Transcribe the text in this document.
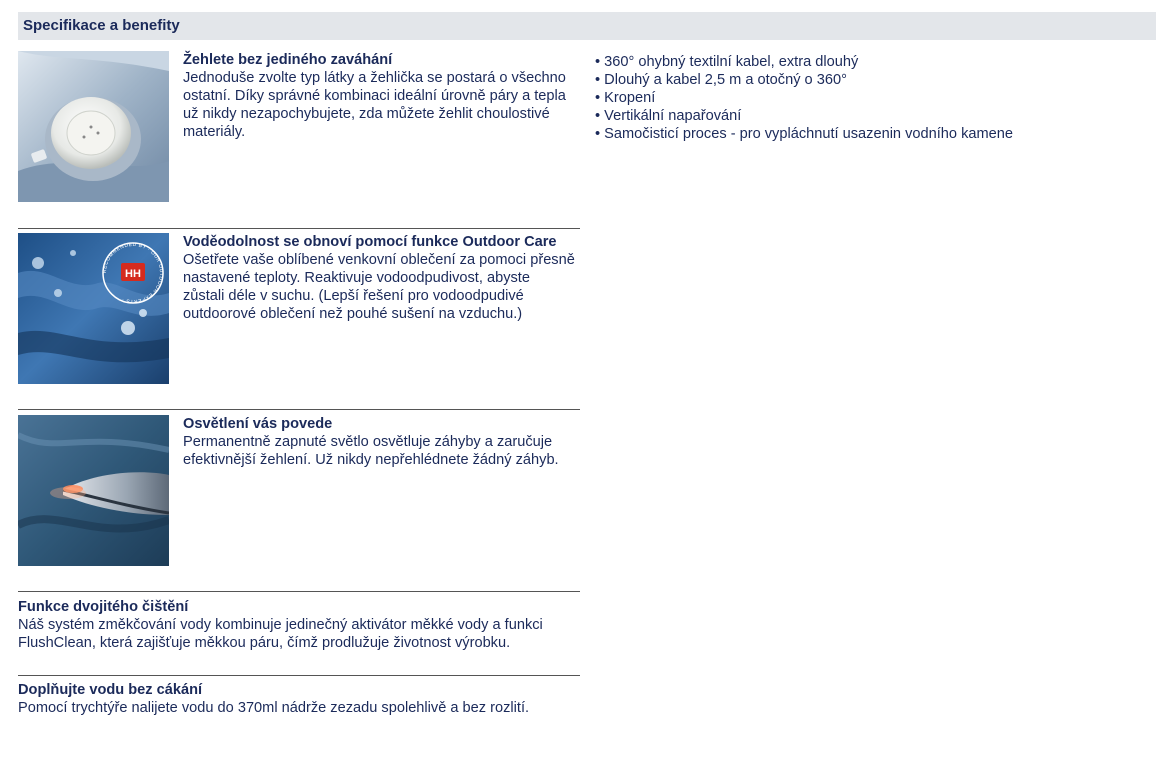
Specifikace a benefity
Žehlete bez jediného zaváhání
Jednoduše zvolte typ látky a žehlička se postará o všechno ostatní. Díky správné kombinaci ideální úrovně páry a tepla už nikdy nezapochybujete, zda můžete žehlit choulostivé materiály.
HH
RECOMMENDED BY · OUR OUTDOOR EXPERTS ·
Voděodolnost se obnoví pomocí funkce Outdoor Care
Ošetřete vaše oblíbené venkovní oblečení za pomoci přesně nastavené teploty. Reaktivuje vodoodpudivost, abyste zůstali déle v suchu. (Lepší řešení pro vodoodpudivé outdoorové oblečení než pouhé sušení na vzduchu.)
Osvětlení vás povede
Permanentně zapnuté světlo osvětluje záhyby a zaručuje efektivnější žehlení. Už nikdy nepřehlédnete žádný záhyb.
Funkce dvojitého čištění
Náš systém změkčování vody kombinuje jedinečný aktivátor měkké vody a funkci FlushClean, která zajišťuje měkkou páru, čímž prodlužuje životnost výrobku.
Doplňujte vodu bez cákání
Pomocí trychtýře nalijete vodu do 370ml nádrže zezadu spolehlivě a bez rozlití.
• 360° ohybný textilní kabel, extra dlouhý
• Dlouhý a kabel 2,5 m a otočný o 360°
• Kropení
• Vertikální napařování
• Samočisticí proces - pro vypláchnutí usazenin vodního kamene
